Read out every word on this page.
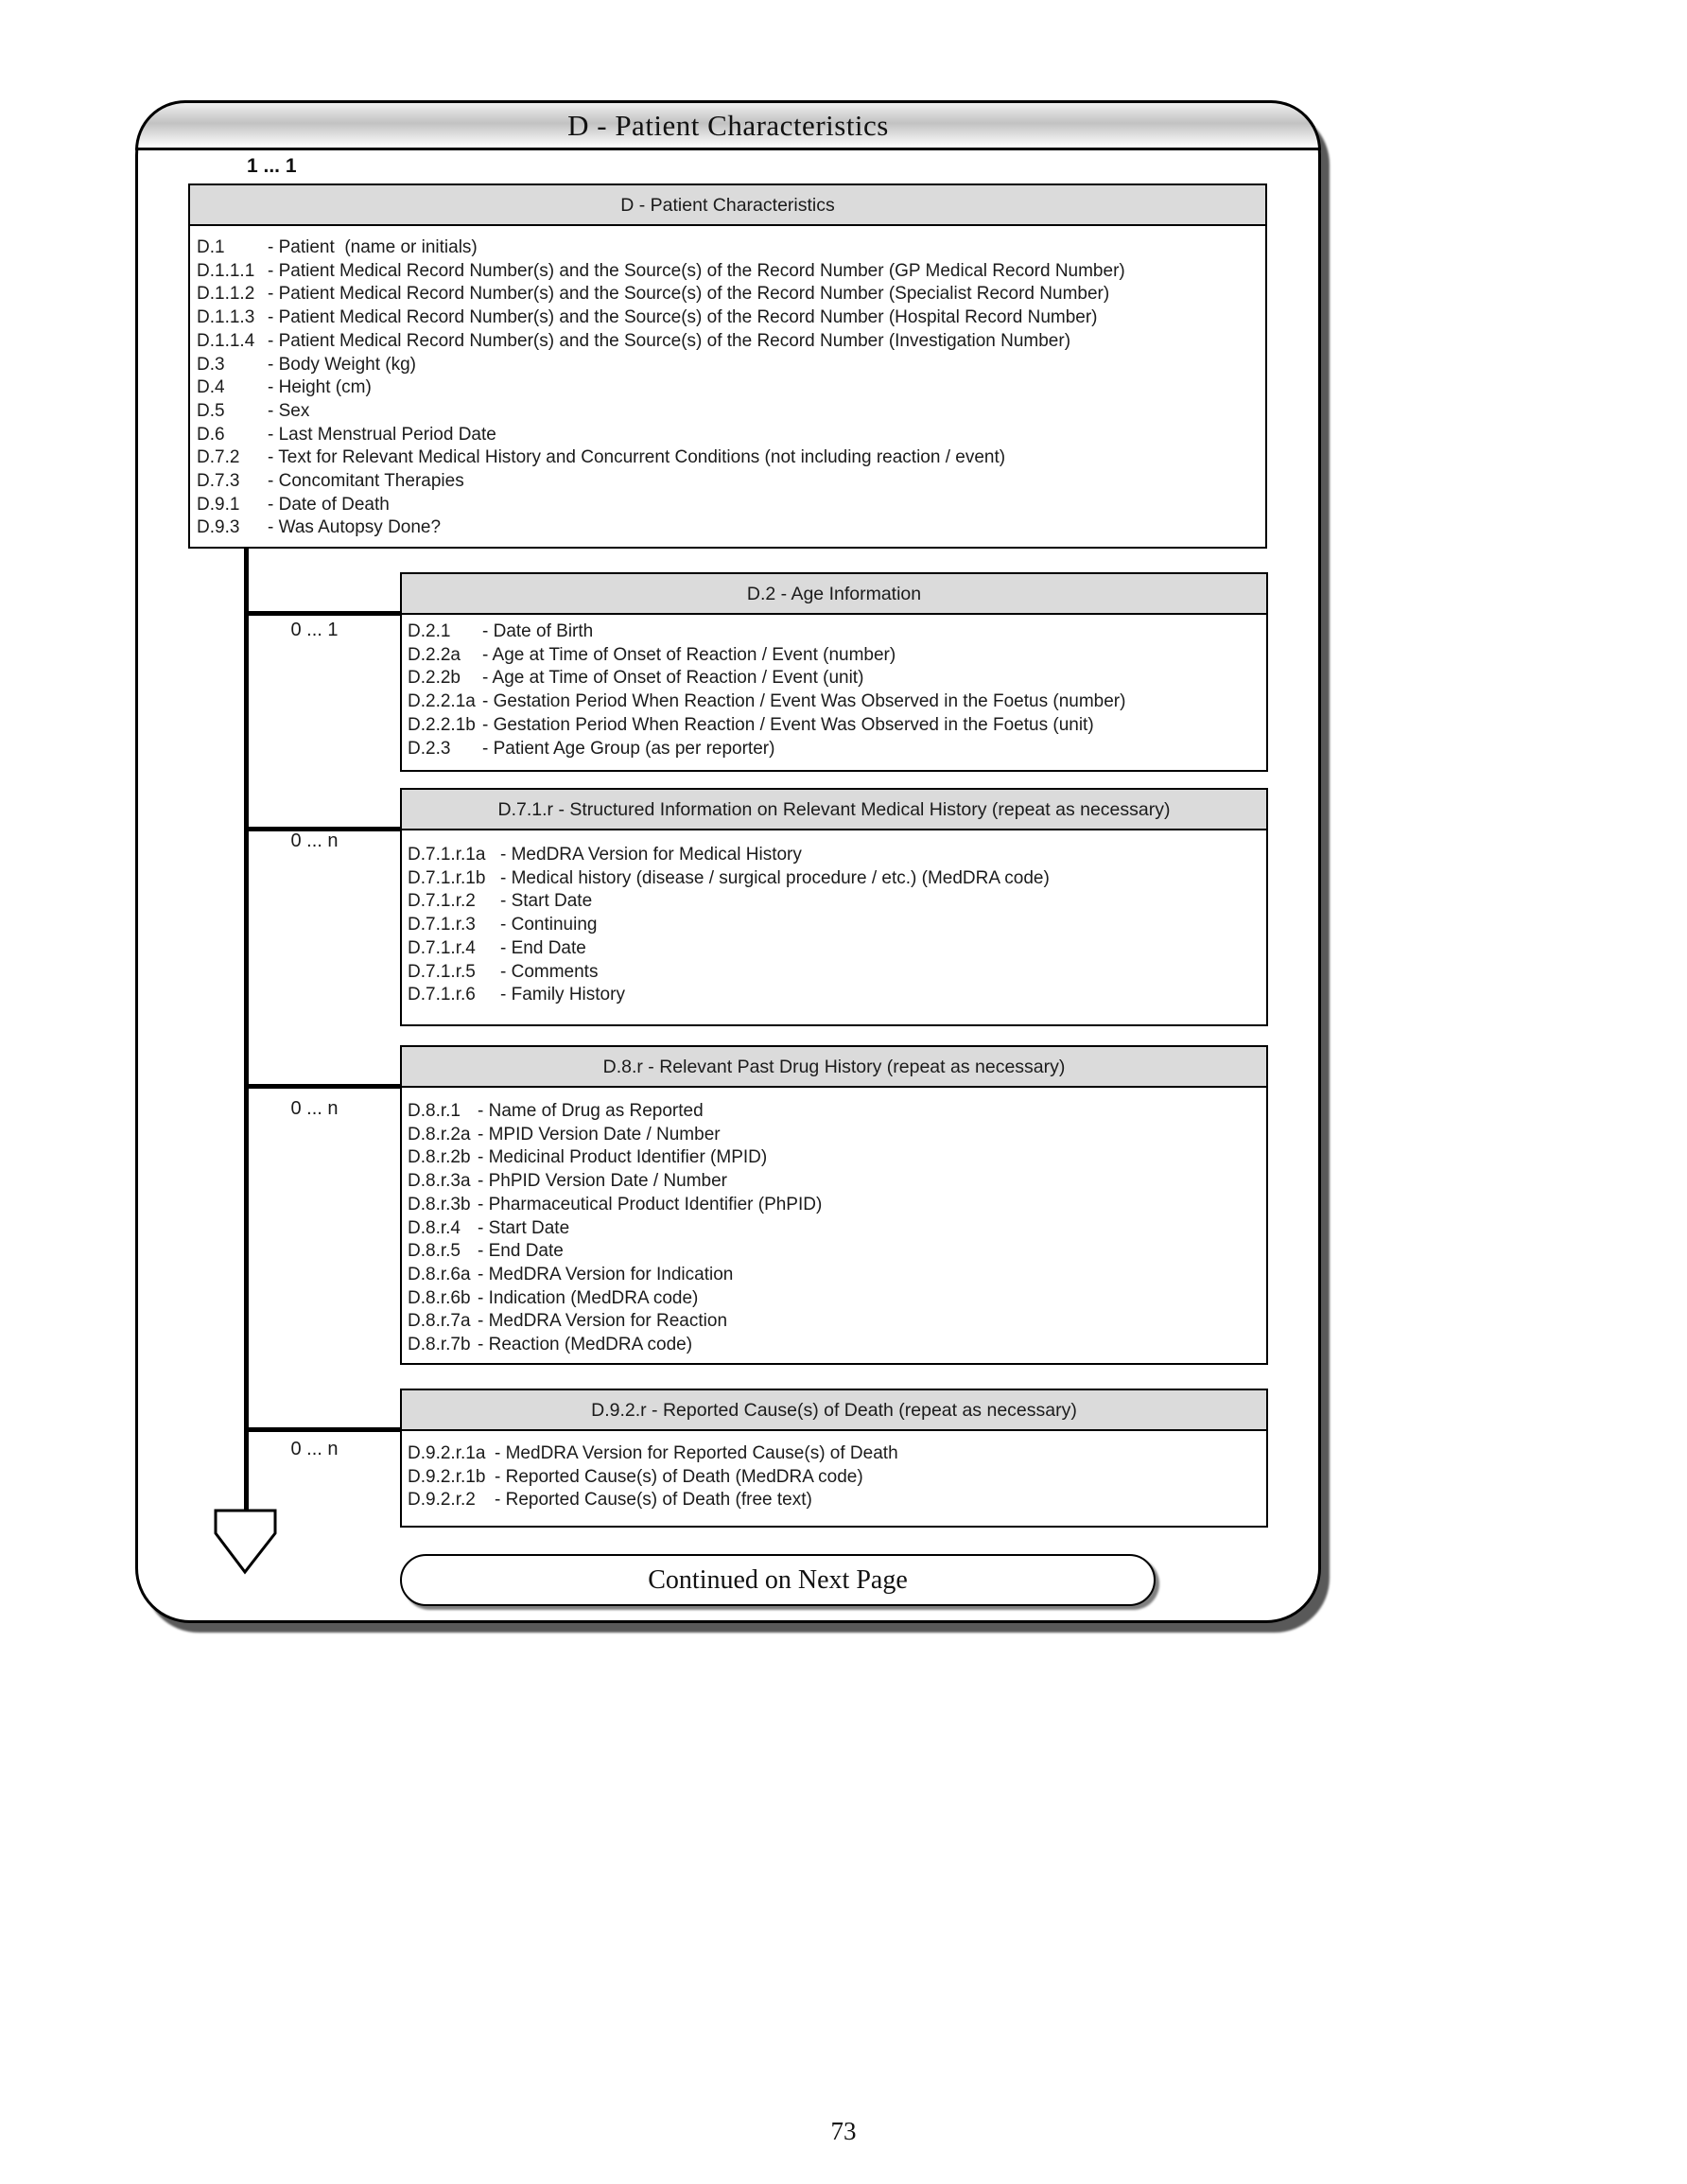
D - Patient Characteristics
1 ... 1
D - Patient Characteristics
D.1	- Patient  (name or initials)
D.1.1.1 - Patient Medical Record Number(s) and the Source(s) of the Record Number (GP Medical Record Number)
D.1.1.2 - Patient Medical Record Number(s) and the Source(s) of the Record Number (Specialist Record Number)
D.1.1.3 - Patient Medical Record Number(s) and the Source(s) of the Record Number (Hospital Record Number)
D.1.1.4 - Patient Medical Record Number(s) and the Source(s) of the Record Number (Investigation Number)
D.3	- Body Weight (kg)
D.4	- Height (cm)
D.5	- Sex
D.6	- Last Menstrual Period Date
D.7.2	- Text for Relevant Medical History and Concurrent Conditions (not including reaction / event)
D.7.3	- Concomitant Therapies
D.9.1	- Date of Death
D.9.3	- Was Autopsy Done?
0 ... 1
0 ... n
0 ... n
0 ... n
D.2 - Age Information
D.2.1	- Date of Birth
D.2.2a	- Age at Time of Onset of Reaction / Event (number)
D.2.2b	- Age at Time of Onset of Reaction / Event (unit)
D.2.2.1a - Gestation Period When Reaction / Event Was Observed in the Foetus (number)
D.2.2.1b - Gestation Period When Reaction / Event Was Observed in the Foetus (unit)
D.2.3	- Patient Age Group (as per reporter)
D.7.1.r - Structured Information on Relevant Medical History (repeat as necessary)
D.7.1.r.1a - MedDRA Version for Medical History
D.7.1.r.1b - Medical history (disease / surgical procedure / etc.) (MedDRA code)
D.7.1.r.2	- Start Date
D.7.1.r.3	- Continuing
D.7.1.r.4	- End Date
D.7.1.r.5	- Comments
D.7.1.r.6	- Family History
D.8.r - Relevant Past Drug History (repeat as necessary)
D.8.r.1 - Name of Drug as Reported
D.8.r.2a - MPID Version Date / Number
D.8.r.2b - Medicinal Product Identifier (MPID)
D.8.r.3a - PhPID Version Date / Number
D.8.r.3b - Pharmaceutical Product Identifier (PhPID)
D.8.r.4 - Start Date
D.8.r.5 - End Date
D.8.r.6a - MedDRA Version for Indication
D.8.r.6b - Indication (MedDRA code)
D.8.r.7a - MedDRA Version for Reaction
D.8.r.7b - Reaction (MedDRA code)
D.9.2.r - Reported Cause(s) of Death (repeat as necessary)
D.9.2.r.1a - MedDRA Version for Reported Cause(s) of Death
D.9.2.r.1b - Reported Cause(s) of Death (MedDRA code)
D.9.2.r.2	- Reported Cause(s) of Death (free text)
Continued on Next Page
73
